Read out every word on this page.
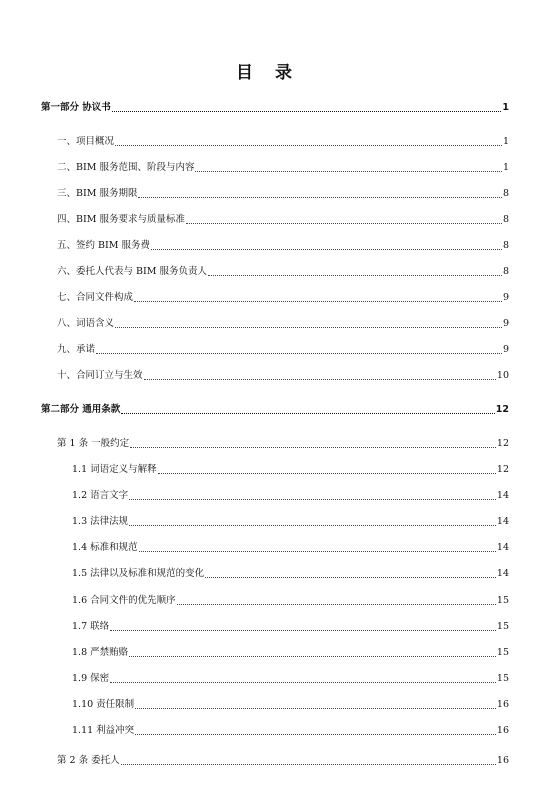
目 录
第一部分 协议书	1
一、项目概况	1
二、BIM 服务范围、阶段与内容	1
三、BIM 服务期限	8
四、BIM 服务要求与质量标准	8
五、签约 BIM 服务费	8
六、委托人代表与 BIM 服务负责人	8
七、合同文件构成	9
八、词语含义	9
九、承诺	9
十、合同订立与生效	10
第二部分 通用条款	12
第 1 条 一般约定	12
1.1 词语定义与解释	12
1.2 语言文字	14
1.3 法律法规	14
1.4 标准和规范	14
1.5 法律以及标准和规范的变化	14
1.6 合同文件的优先顺序	15
1.7 联络	15
1.8 严禁贿赂	15
1.9 保密	15
1.10 责任限制	16
1.11 利益冲突	16
第 2 条 委托人	16
